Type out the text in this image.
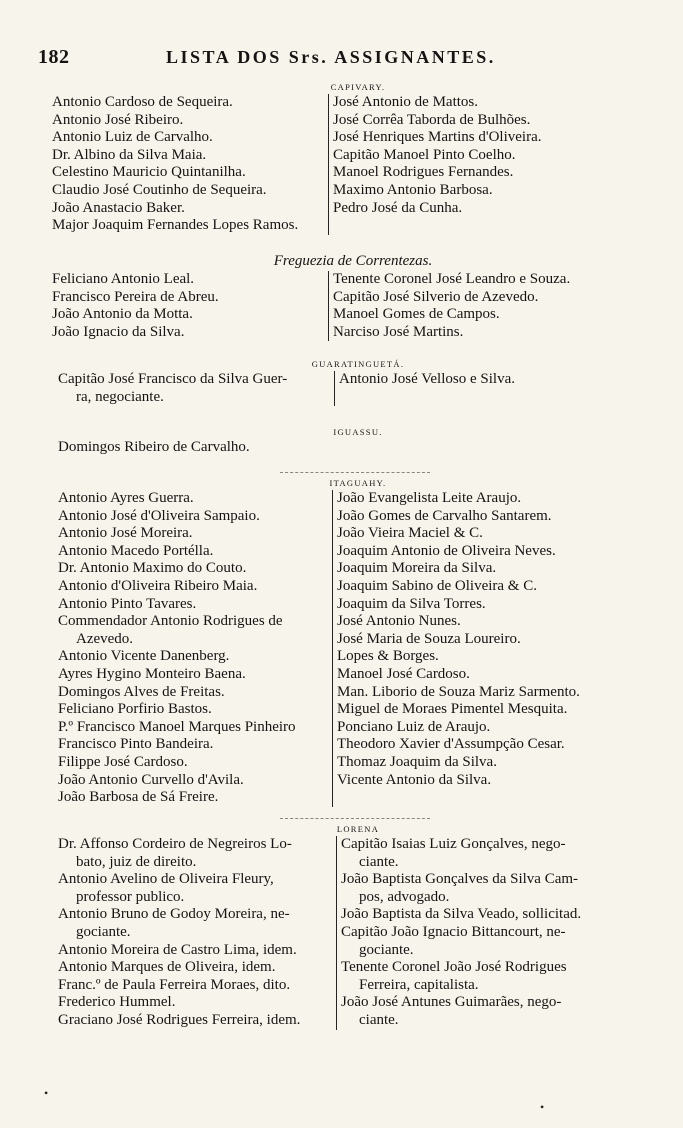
182	LISTA DOS Srs. ASSIGNANTES.
CAPIVARY.
Antonio Cardoso de Sequeira.
Antonio José Ribeiro.
Antonio Luiz de Carvalho.
Dr. Albino da Silva Maia.
Celestino Mauricio Quintanilha.
Claudio José Coutinho de Sequeira.
João Anastacio Baker.
Major Joaquim Fernandes Lopes Ramos.
José Antonio de Mattos.
José Corrêa Taborda de Bulhões.
José Henriques Martins d'Oliveira.
Capitão Manoel Pinto Coelho.
Manoel Rodrigues Fernandes.
Maximo Antonio Barbosa.
Pedro José da Cunha.
Freguezia de Correntezas.
Feliciano Antonio Leal.
Francisco Pereira de Abreu.
João Antonio da Motta.
João Ignacio da Silva.
Tenente Coronel José Leandro e Souza.
Capitão José Silverio de Azevedo.
Manoel Gomes de Campos.
Narciso José Martins.
GUARATINGUETÁ.
Capitão José Francisco da Silva Guer-
ra, negociante.
Antonio José Velloso e Silva.
IGUASSU.
Domingos Ribeiro de Carvalho.
ITAGUAHY.
Antonio Ayres Guerra.
Antonio José d'Oliveira Sampaio.
Antonio José Moreira.
Antonio Macedo Portélla.
Dr. Antonio Maximo do Couto.
Antonio d'Oliveira Ribeiro Maia.
Antonio Pinto Tavares.
Commendador Antonio Rodrigues de
Azevedo.
Antonio Vicente Danenberg.
Ayres Hygino Monteiro Baena.
Domingos Alves de Freitas.
Feliciano Porfirio Bastos.
P.º Francisco Manoel Marques Pinheiro
Francisco Pinto Bandeira.
Filippe José Cardoso.
João Antonio Curvello d'Avila.
João Barbosa de Sá Freire.
João Evangelista Leite Araujo.
João Gomes de Carvalho Santarem.
João Vieira Maciel & C.
Joaquim Antonio de Oliveira Neves.
Joaquim Moreira da Silva.
Joaquim Sabino de Oliveira & C.
Joaquim da Silva Torres.
José Antonio Nunes.
José Maria de Souza Loureiro.
Lopes & Borges.
Manoel José Cardoso.
Man. Liborio de Souza Mariz Sarmento.
Miguel de Moraes Pimentel Mesquita.
Ponciano Luiz de Araujo.
Theodoro Xavier d'Assumpção Cesar.
Thomaz Joaquim da Silva.
Vicente Antonio da Silva.
LORENA
Dr. Affonso Cordeiro de Negreiros Lo-
bato, juiz de direito.
Antonio Avelino de Oliveira Fleury,
professor publico.
Antonio Bruno de Godoy Moreira, ne-
gociante.
Antonio Moreira de Castro Lima, idem.
Antonio Marques de Oliveira, idem.
Franc.º de Paula Ferreira Moraes, dito.
Frederico Hummel.
Graciano José Rodrigues Ferreira, idem.
Capitão Isaias Luiz Gonçalves, nego-
ciante.
João Baptista Gonçalves da Silva Cam-
pos, advogado.
João Baptista da Silva Veado, sollicitad.
Capitão João Ignacio Bittancourt, ne-
gociante.
Tenente Coronel João José Rodrigues
Ferreira, capitalista.
João José Antunes Guimarães, nego-
ciante.
•
•
